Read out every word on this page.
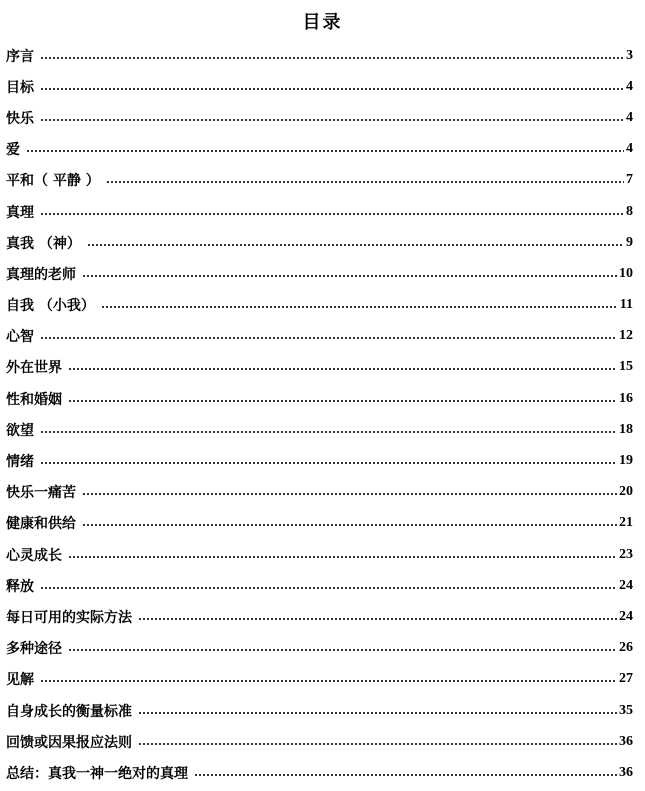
目录
序言	3
目标	4
快乐	4
爱	4
平和（ 平静 ）	7
真理	8
真我 （神）	9
真理的老师	10
自我 （小我）	11
心智	12
外在世界	15
性和婚姻	16
欲望	18
情绪	19
快乐一痛苦	20
健康和供给	21
心灵成长	23
释放	24
每日可用的实际方法	24
多种途径	26
见解	27
自身成长的衡量标准	35
回馈或因果报应法则	36
总结：真我一神一绝对的真理	36
